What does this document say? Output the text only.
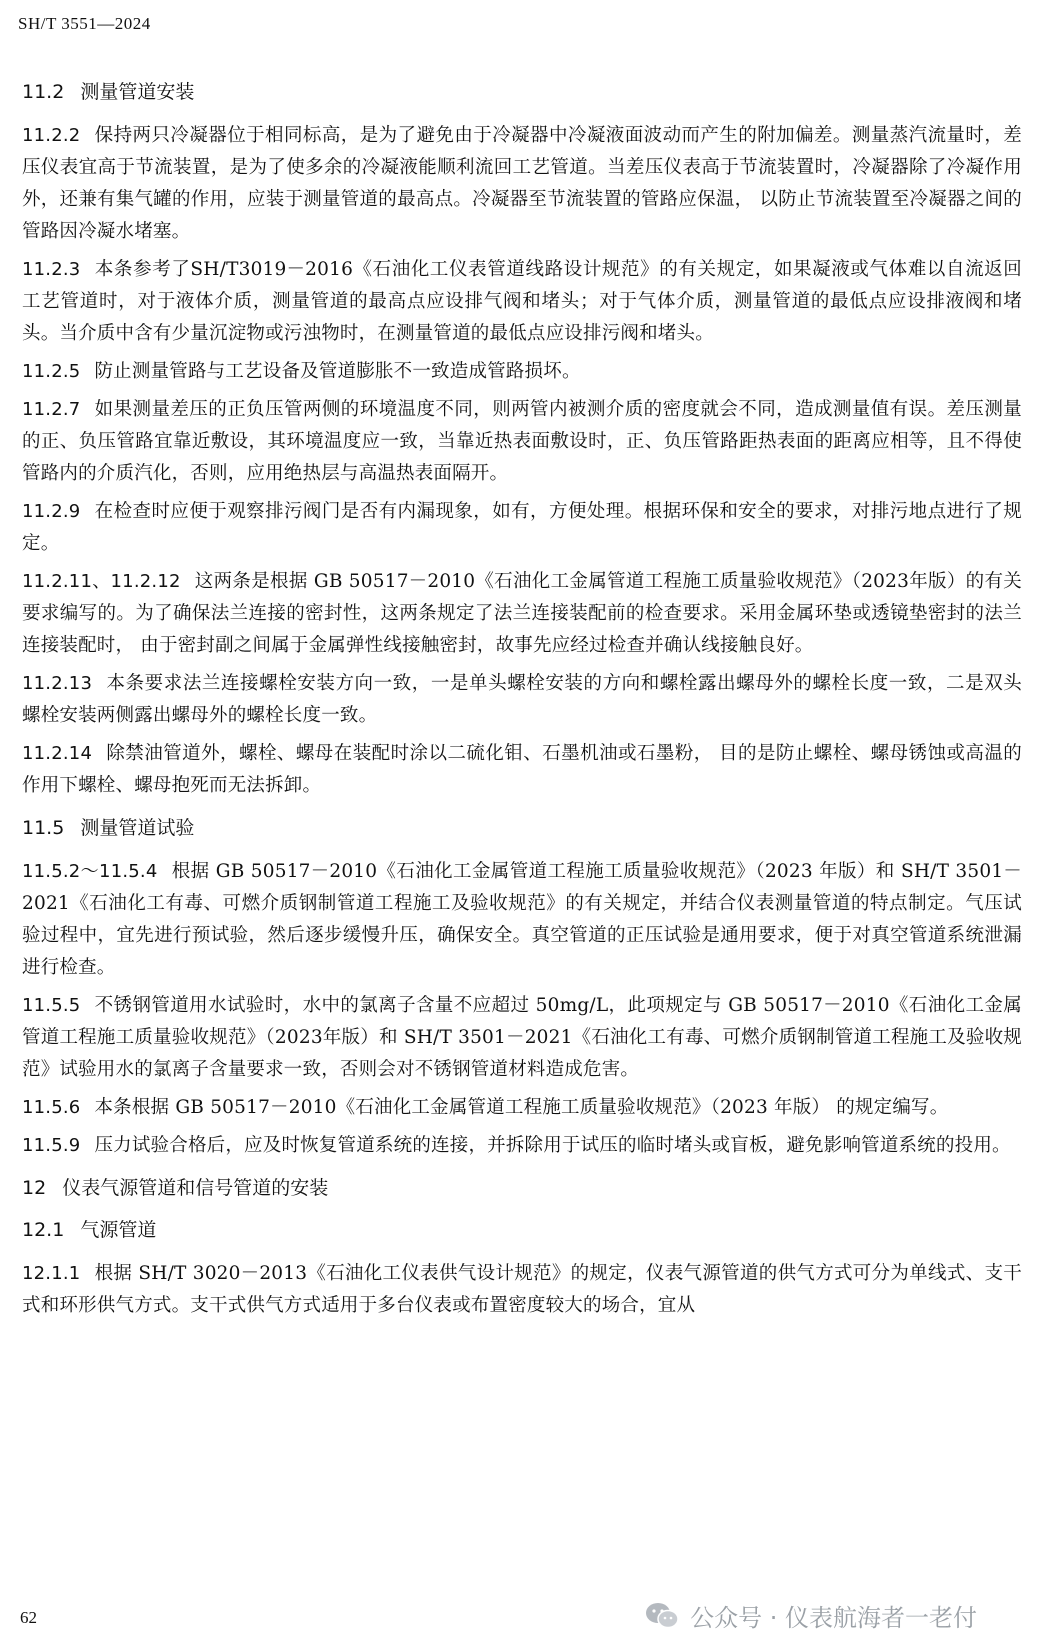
SH/T 3551—2024
11.2 测量管道安装

11.2.2 保持两只冷凝器位于相同标高，是为了避免由于冷凝器中冷凝液面波动而产生的附加偏差。测量蒸汽流量时，差压仪表宜高于节流装置，是为了使多余的冷凝液能顺利流回工艺管道。当差压仪表高于节流装置时，冷凝器除了冷凝作用外，还兼有集气罐的作用，应装于测量管道的最高点。冷凝器至节流装置的管路应保温， 以防止节流装置至冷凝器之间的管路因冷凝水堵塞。

11.2.3 本条参考了SH/T3019－2016《石油化工仪表管道线路设计规范》的有关规定，如果凝液或气体难以自流返回工艺管道时，对于液体介质，测量管道的最高点应设排气阀和堵头；对于气体介质，测量管道的最低点应设排液阀和堵头。当介质中含有少量沉淀物或污浊物时，在测量管道的最低点应设排污阀和堵头。

11.2.5 防止测量管路与工艺设备及管道膨胀不一致造成管路损坏。

11.2.7 如果测量差压的正负压管两侧的环境温度不同，则两管内被测介质的密度就会不同，造成测量值有误。差压测量的正、负压管路宜靠近敷设，其环境温度应一致，当靠近热表面敷设时，正、负压管路距热表面的距离应相等，且不得使管路内的介质汽化，否则，应用绝热层与高温热表面隔开。

11.2.9 在检查时应便于观察排污阀门是否有内漏现象，如有，方便处理。根据环保和安全的要求，对排污地点进行了规定。

11.2.11、11.2.12 这两条是根据 GB 50517－2010《石油化工金属管道工程施工质量验收规范》（2023年版）的有关要求编写的。为了确保法兰连接的密封性，这两条规定了法兰连接装配前的检查要求。采用金属环垫或透镜垫密封的法兰连接装配时， 由于密封副之间属于金属弹性线接触密封，故事先应经过检查并确认线接触良好。

11.2.13 本条要求法兰连接螺栓安装方向一致，一是单头螺栓安装的方向和螺栓露出螺母外的螺栓长度一致，二是双头螺栓安装两侧露出螺母外的螺栓长度一致。

11.2.14 除禁油管道外，螺栓、螺母在装配时涂以二硫化钼、石墨机油或石墨粉， 目的是防止螺栓、螺母锈蚀或高温的作用下螺栓、螺母抱死而无法拆卸。

11.5 测量管道试验

11.5.2～11.5.4 根据 GB 50517－2010《石油化工金属管道工程施工质量验收规范》（2023 年版）和 SH/T 3501－2021《石油化工有毒、可燃介质钢制管道工程施工及验收规范》的有关规定，并结合仪表测量管道的特点制定。气压试验过程中，宜先进行预试验，然后逐步缓慢升压，确保安全。真空管道的正压试验是通用要求，便于对真空管道系统泄漏进行检查。

11.5.5 不锈钢管道用水试验时，水中的氯离子含量不应超过 50mg/L，此项规定与 GB 50517－2010《石油化工金属管道工程施工质量验收规范》（2023年版）和 SH/T 3501－2021《石油化工有毒、可燃介质钢制管道工程施工及验收规范》试验用水的氯离子含量要求一致，否则会对不锈钢管道材料造成危害。

11.5.6 本条根据 GB 50517－2010《石油化工金属管道工程施工质量验收规范》（2023 年版） 的规定编写。

11.5.9 压力试验合格后，应及时恢复管道系统的连接，并拆除用于试压的临时堵头或盲板，避免影响管道系统的投用。

12 仪表气源管道和信号管道的安装
12.1 气源管道

12.1.1 根据 SH/T 3020－2013《石油化工仪表供气设计规范》的规定，仪表气源管道的供气方式可分为单线式、支干式和环形供气方式。支干式供气方式适用于多台仪表或布置密度较大的场合，宜从

62	公众号 · 仪表航海者一老付
